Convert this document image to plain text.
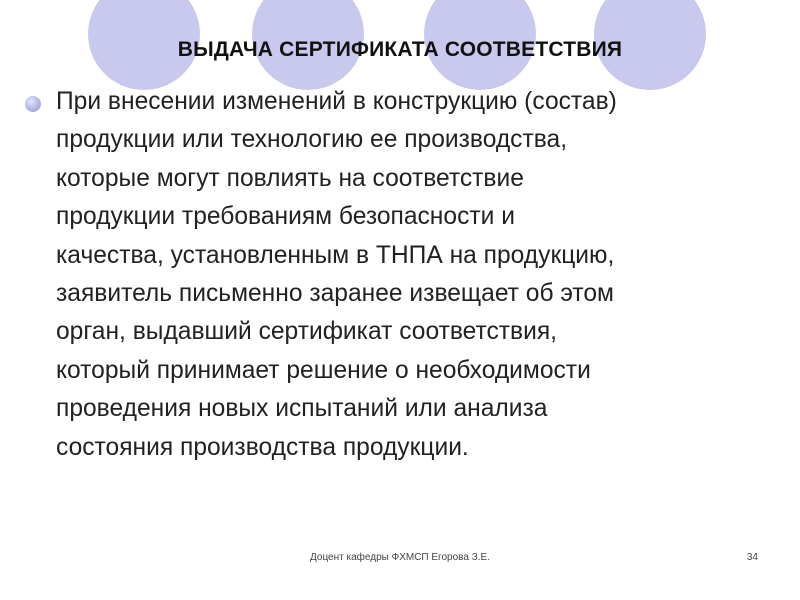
ВЫДАЧА СЕРТИФИКАТА СООТВЕТСТВИЯ
При внесении изменений в конструкцию (состав)
продукции или технологию ее производства,
которые могут повлиять на соответствие
продукции требованиям безопасности и
качества, установленным в ТНПА на продукцию,
заявитель письменно заранее извещает об этом
орган, выдавший сертификат соответствия,
который принимает решение о необходимости
проведения новых испытаний или анализа
состояния производства продукции.
Доцент кафедры ФХМСП Егорова З.Е.	34
